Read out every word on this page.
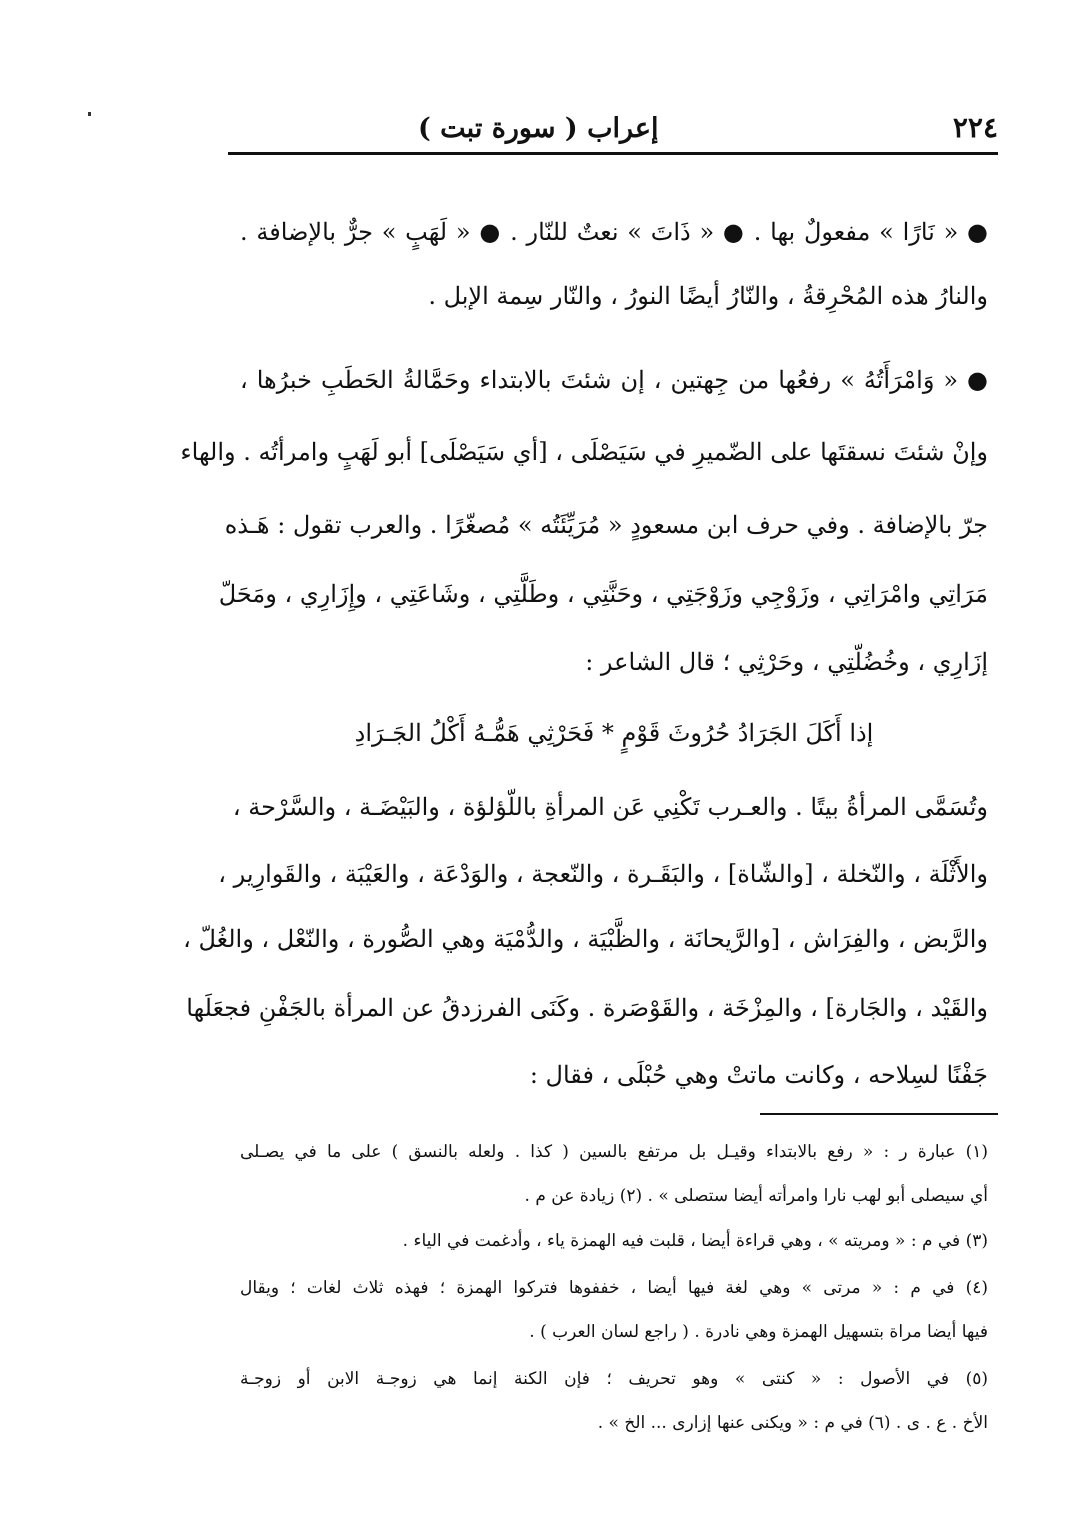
٢٢٤
إعراب ( سورة تبت )
● « نَارًا » مفعولٌ بها . ● « ذَاتَ » نعتٌ للنّار . ● « لَهَبٍ » جرٌّ بالإضافة .
والنارُ هذه المُحْرِقةُ ، والنّارُ أيضًا النورُ ، والنّار سِمة الإبل .
● « وَامْرَأَتُهُ » رفعُها من جِهتين ، إن شئتَ بالابتداء وحَمَّالةُ الحَطَبِ خبرُها ،
وإنْ شئتَ نسقتَها على الضّميرِ في سَيَصْلَى ، [أي سَيَصْلَى] أبو لَهَبٍ وامرأتُه . والهاء
جرّ بالإضافة . وفي حرف ابن مسعودٍ « مُرَيِّئَتُه » مُصغّرًا . والعرب تقول : هَـذه
مَرَاتِي وامْرَاتِي ، وزَوْجِي وزَوْجَتِي ، وحَنَّتِي ، وطَلَّتِي ، وشَاعَتِي ، وإِزَارِي ، ومَحَلّ
إزَارِي ، وخُضُلّتِي ، وحَرْثِي ؛ قال الشاعر :
إذا أَكَلَ الجَرَادُ حُرُوثَ قَوْمٍ * فَحَرْثِي هَمُّـهُ أَكْلُ الجَـرَادِ
وتُسَمَّى المرأةُ بيتًا . والعـرب تَكْنِي عَن المرأةِ باللّؤلؤة ، والبَيْضَـة ، والسَّرْحة ،
والأَثْلَة ، والنّخلة ، [والشّاة] ، والبَقَـرة ، والنّعجة ، والوَدْعَة ، والعَيْبَة ، والقَوارِير ،
والرَّبض ، والفِرَاش ، [والرَّيحانَة ، والظَّبْيَة ، والدُّمْيَة وهي الصُّورة ، والنّعْل ، والغُلّ ،
والقَيْد ، والجَارة] ، والمِزْخَة ، والقَوْصَرة . وكَنَى الفرزدقُ عن المرأة بالجَفْنِ فجعَلَها
جَفْنًا لسِلاحه ، وكانت ماتتْ وهي حُبْلَى ، فقال :
(١) عبارة ر : « رفع بالابتداء وقيـل بل مرتفع بالسين ( كذا . ولعله بالنسق ) على ما في يصـلى
أي سيصلى أبو لهب نارا وامرأته أيضا ستصلى » . (٢) زيادة عن م .
(٣) في م : « ومريته » ، وهي قراءة أيضا ، قلبت فيه الهمزة ياء ، وأدغمت في الياء .
(٤) في م : « مرتى » وهي لغة فيها أيضا ، خففوها فتركوا الهمزة ؛ فهذه ثلاث لغات ؛ ويقال
فيها أيضا مراة بتسهيل الهمزة وهي نادرة . ( راجع لسان العرب ) .
(٥) في الأصول : « كنتى » وهو تحريف ؛ فإن الكنة إنما هي زوجـة الابن أو زوجـة
الأخ . ع . ى . (٦) في م : « ويكنى عنها إزارى ... الخ » .
